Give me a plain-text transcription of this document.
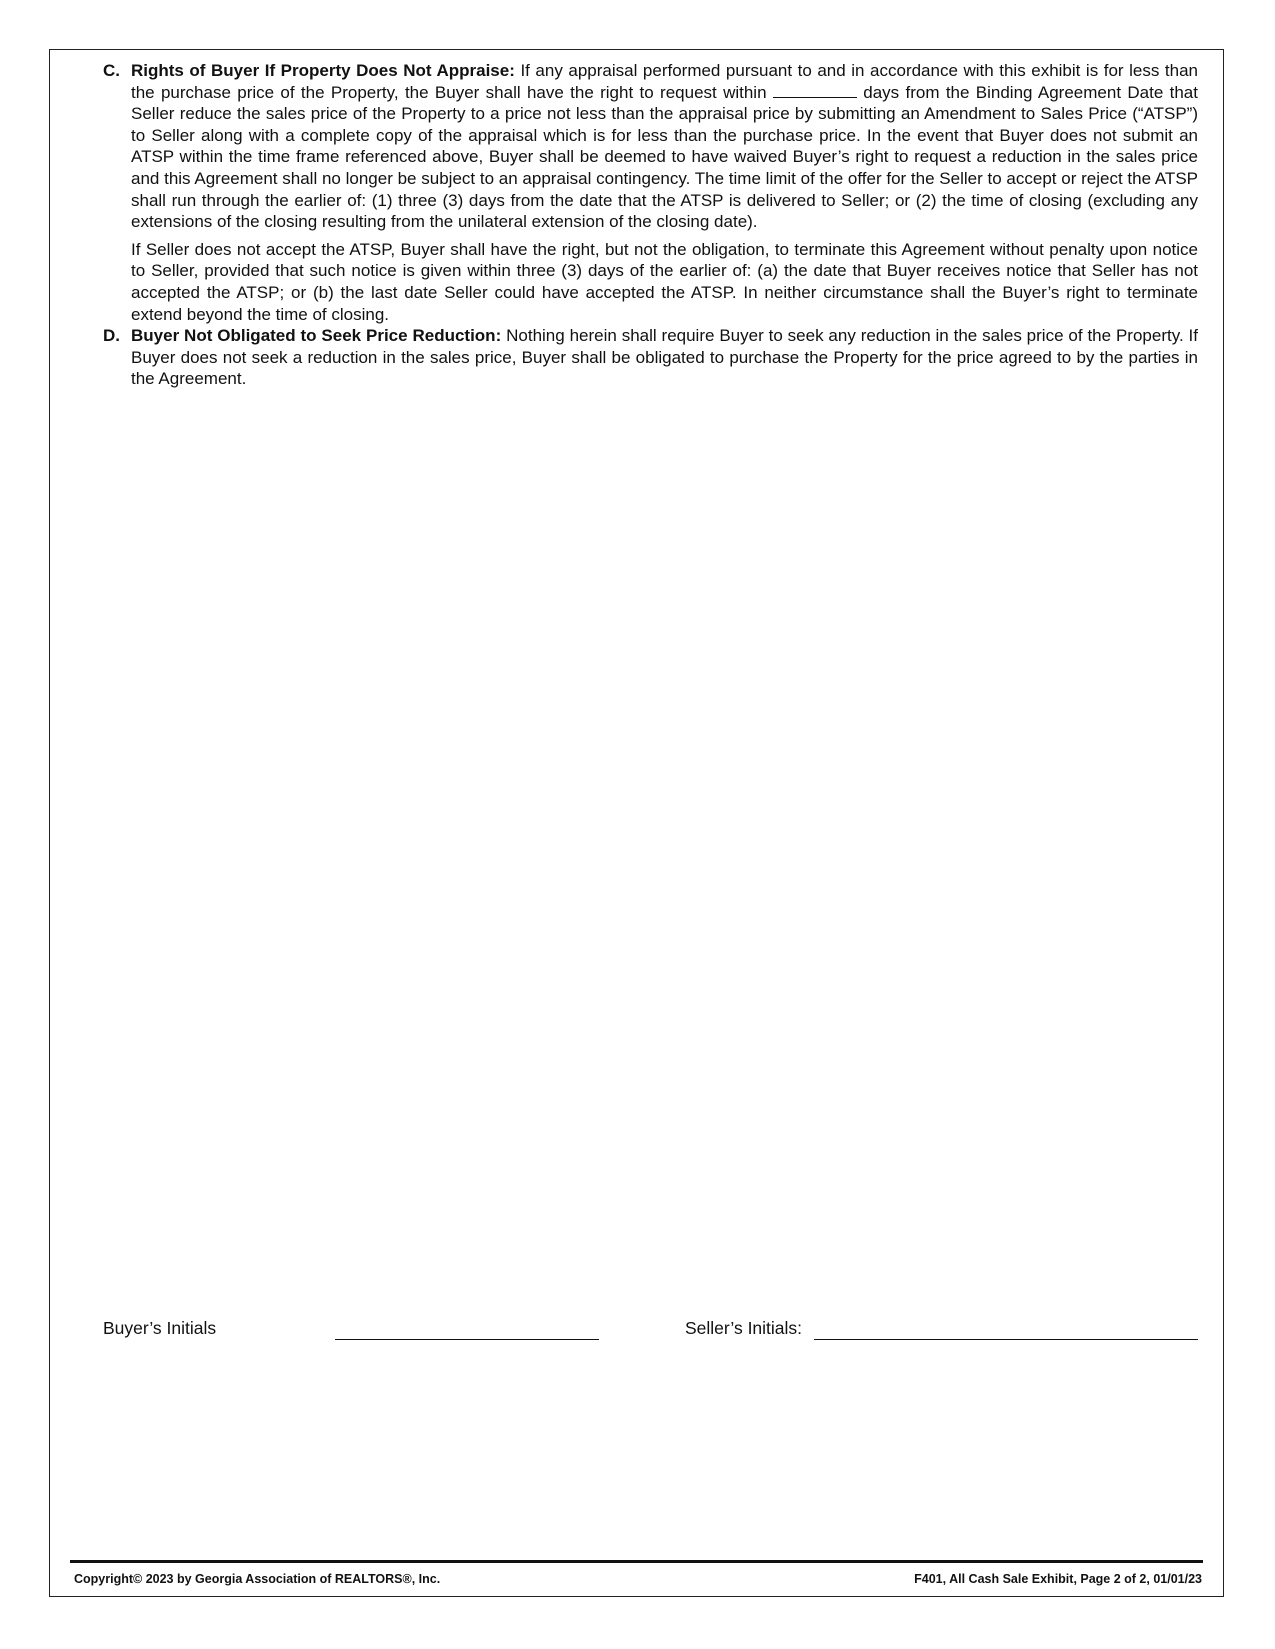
C. Rights of Buyer If Property Does Not Appraise: If any appraisal performed pursuant to and in accordance with this exhibit is for less than the purchase price of the Property, the Buyer shall have the right to request within	days from the Binding Agreement Date that Seller reduce the sales price of the Property to a price not less than the appraisal price by submitting an Amendment to Sales Price (“ATSP”) to Seller along with a complete copy of the appraisal which is for less than the purchase price. In the event that Buyer does not submit an ATSP within the time frame referenced above, Buyer shall be deemed to have waived Buyer’s right to request a reduction in the sales price and this Agreement shall no longer be subject to an appraisal contingency. The time limit of the offer for the Seller to accept or reject the ATSP shall run through the earlier of: (1) three (3) days from the date that the ATSP is delivered to Seller; or (2) the time of closing (excluding any extensions of the closing resulting from the unilateral extension of the closing date).

If Seller does not accept the ATSP, Buyer shall have the right, but not the obligation, to terminate this Agreement without penalty upon notice to Seller, provided that such notice is given within three (3) days of the earlier of: (a) the date that Buyer receives notice that Seller has not accepted the ATSP; or (b) the last date Seller could have accepted the ATSP. In neither circumstance shall the Buyer’s right to terminate extend beyond the time of closing.

D. Buyer Not Obligated to Seek Price Reduction: Nothing herein shall require Buyer to seek any reduction in the sales price of the Property. If Buyer does not seek a reduction in the sales price, Buyer shall be obligated to purchase the Property for the price agreed to by the parties in the Agreement.

Buyer’s Initials	Seller’s Initials:
Copyright© 2023 by Georgia Association of REALTORS®, Inc.	F401, All Cash Sale Exhibit, Page 2 of 2, 01/01/23
